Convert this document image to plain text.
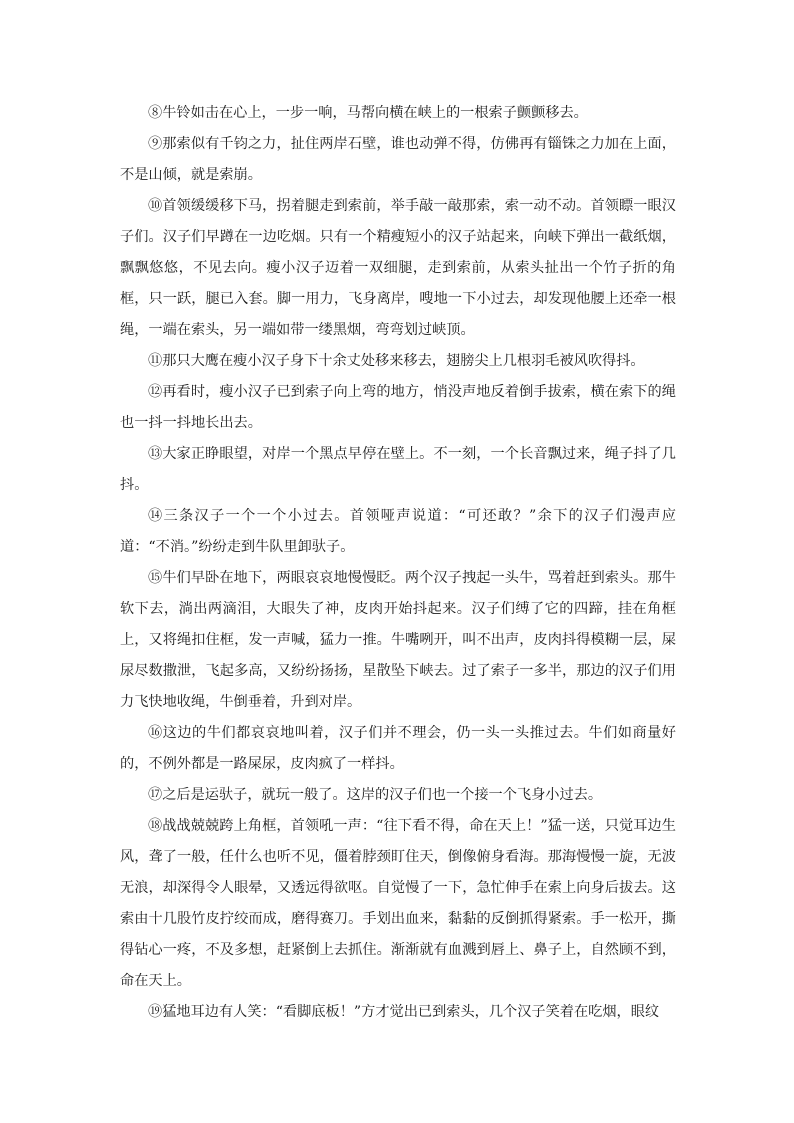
⑧牛铃如击在心上，一步一响，马帮向横在峡上的一根索子颤颤移去。

⑨那索似有千钧之力，扯住两岸石壁，谁也动弹不得，仿佛再有锱铢之力加在上面，不是山倾，就是索崩。

⑩首领缓缓移下马，拐着腿走到索前，举手敲一敲那索，索一动不动。首领瞟一眼汉子们。汉子们早蹲在一边吃烟。只有一个精瘦短小的汉子站起来，向峡下弹出一截纸烟，飘飘悠悠，不见去向。瘦小汉子迈着一双细腿，走到索前，从索头扯出一个竹子折的角框，只一跃，腿已入套。脚一用力，飞身离岸，嗖地一下小过去，却发现他腰上还牵一根绳，一端在索头，另一端如带一缕黑烟，弯弯划过峡顶。

⑪那只大鹰在瘦小汉子身下十余丈处移来移去，翅膀尖上几根羽毛被风吹得抖。

⑫再看时，瘦小汉子已到索子向上弯的地方，悄没声地反着倒手拔索，横在索下的绳也一抖一抖地长出去。

⑬大家正睁眼望，对岸一个黑点早停在壁上。不一刻，一个长音飘过来，绳子抖了几抖。

⑭三条汉子一个一个小过去。首领哑声说道：“可还敢？”余下的汉子们漫声应道：“不消。”纷纷走到牛队里卸驮子。

⑮牛们早卧在地下，两眼哀哀地慢慢眨。两个汉子拽起一头牛，骂着赶到索头。那牛软下去，淌出两滴泪，大眼失了神，皮肉开始抖起来。汉子们缚了它的四蹄，挂在角框上，又将绳扣住框，发一声喊，猛力一推。牛嘴咧开，叫不出声，皮肉抖得模糊一层，屎尿尽数撒泄，飞起多高，又纷纷扬扬，星散坠下峡去。过了索子一多半，那边的汉子们用力飞快地收绳，牛倒垂着，升到对岸。

⑯这边的牛们都哀哀地叫着，汉子们并不理会，仍一头一头推过去。牛们如商量好的，不例外都是一路屎尿，皮肉疯了一样抖。

⑰之后是运驮子，就玩一般了。这岸的汉子们也一个接一个飞身小过去。

⑱战战兢兢跨上角框，首领吼一声：“往下看不得，命在天上！”猛一送，只觉耳边生风，聋了一般，任什么也听不见，僵着脖颈盯住天，倒像俯身看海。那海慢慢一旋，无波无浪，却深得令人眼晕，又透远得欲呕。自觉慢了一下，急忙伸手在索上向身后拔去。这索由十几股竹皮拧绞而成，磨得赛刀。手划出血来，黏黏的反倒抓得紧索。手一松开，撕得钻心一疼，不及多想，赶紧倒上去抓住。渐渐就有血溅到唇上、鼻子上，自然顾不到，命在天上。

⑲猛地耳边有人笑：“看脚底板！”方才觉出已到索头，几个汉子笑着在吃烟，眼纹
